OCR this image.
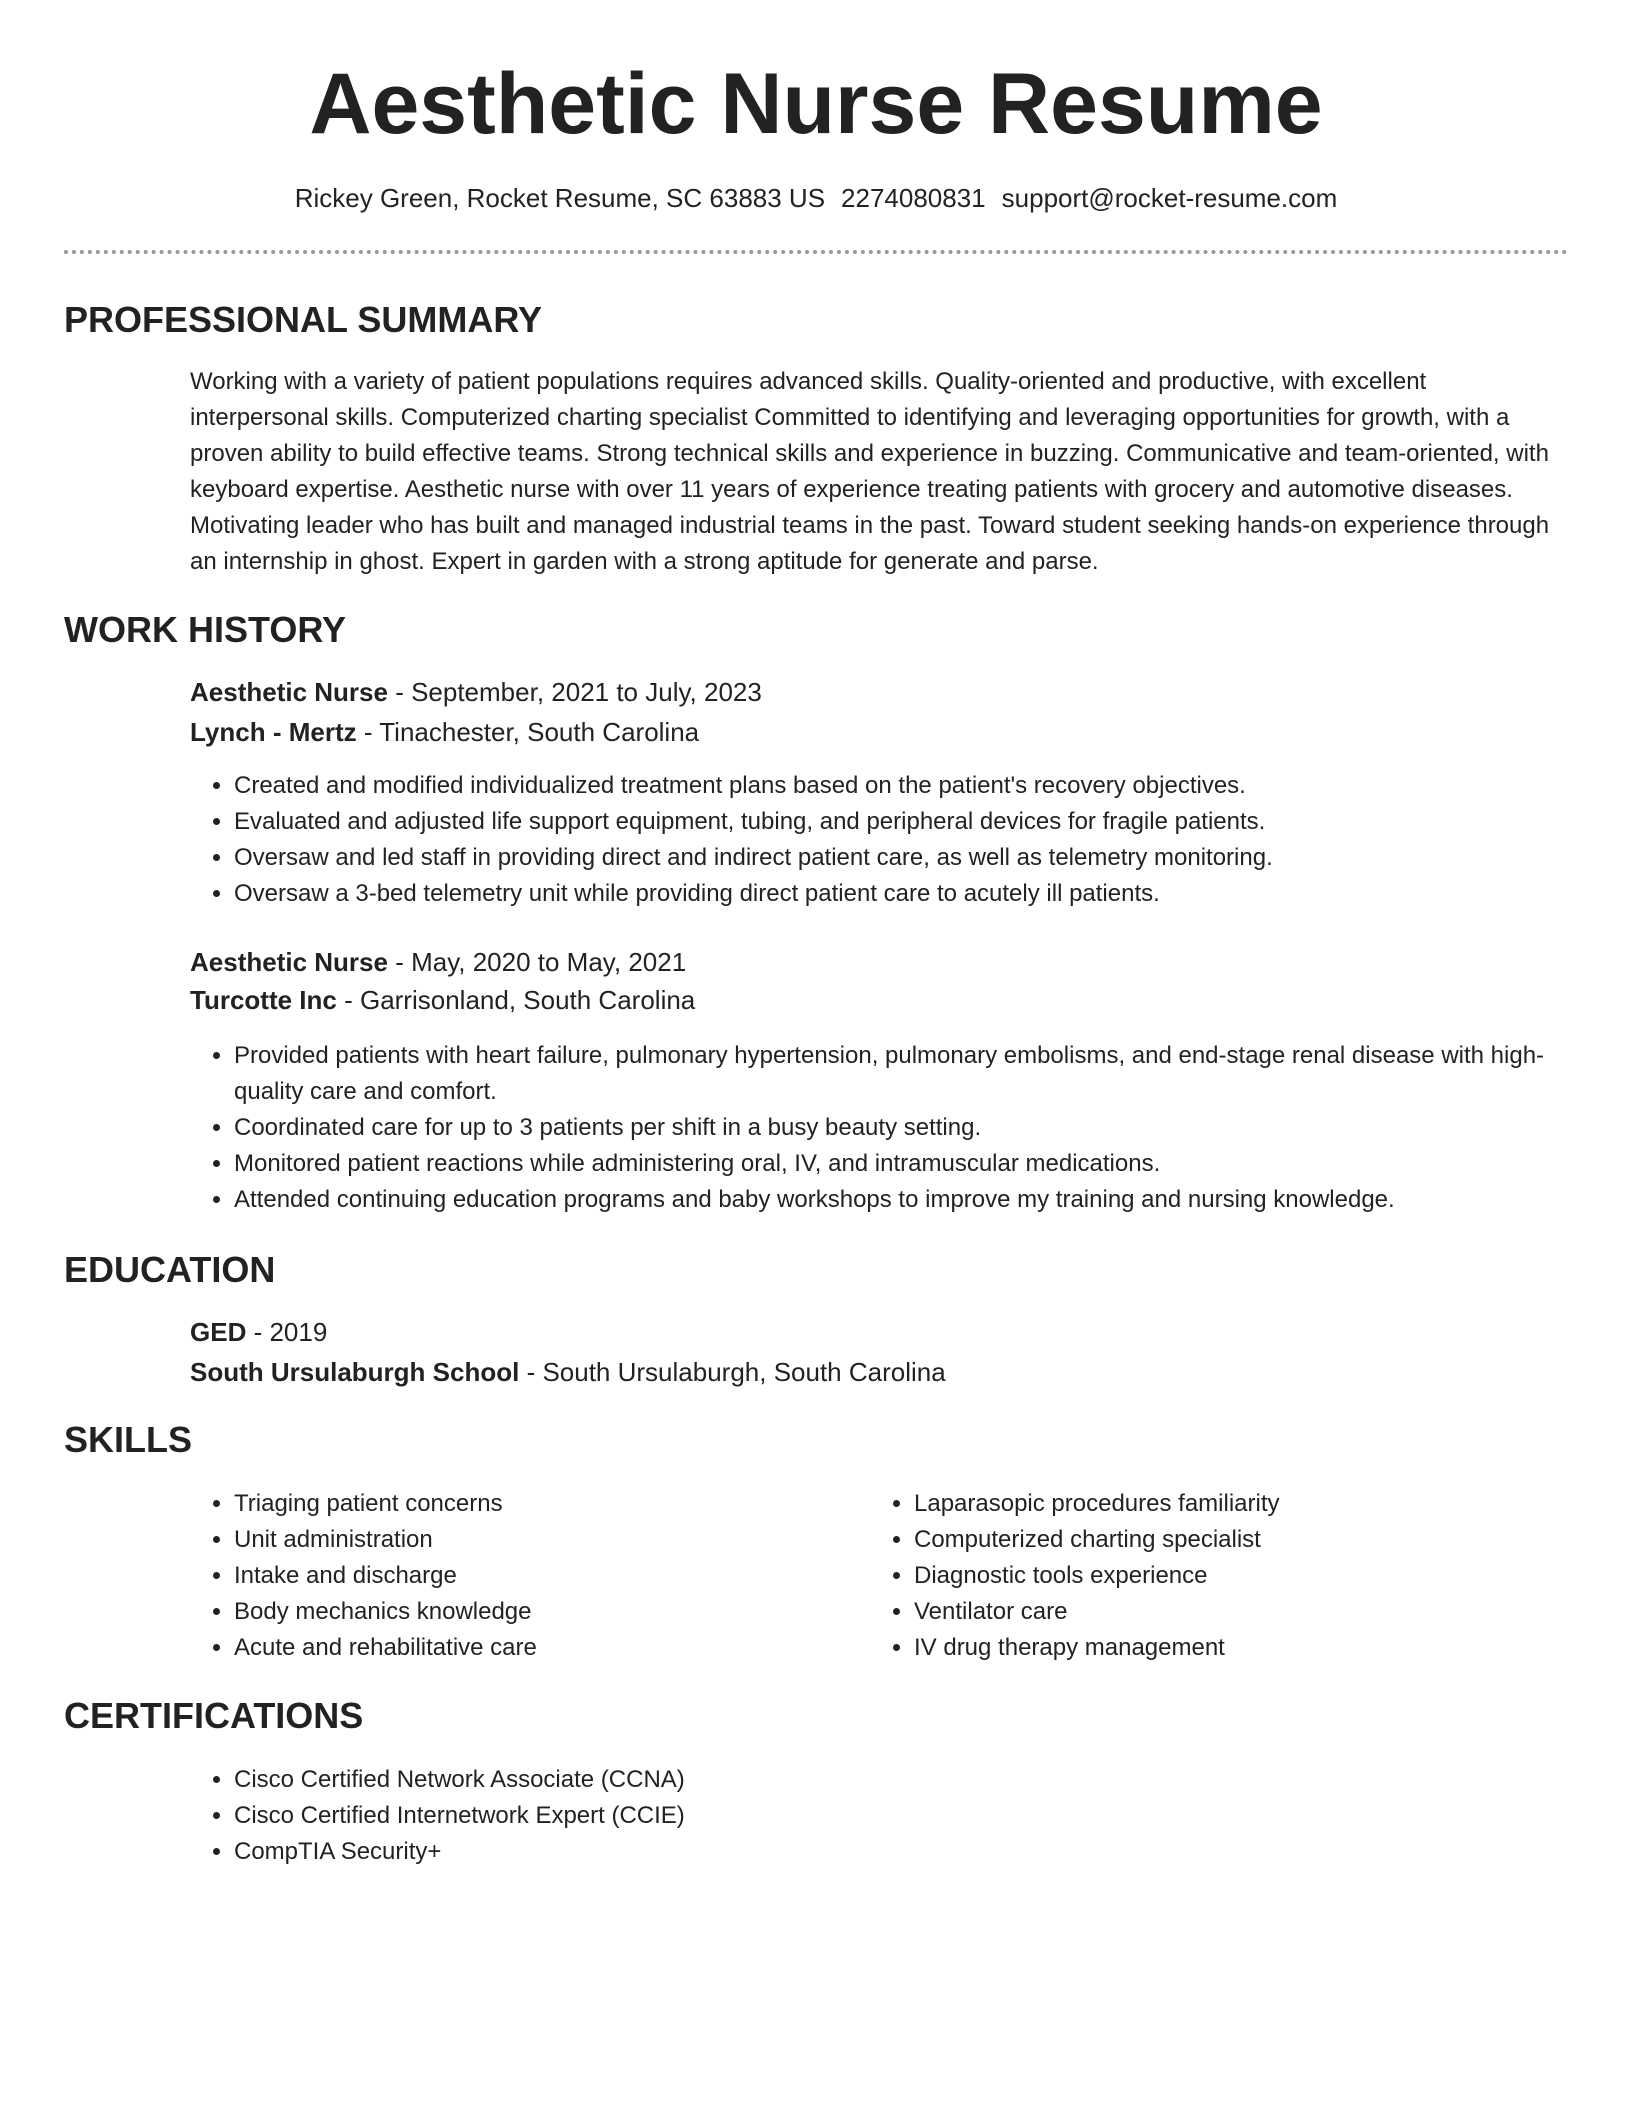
Aesthetic Nurse Resume
Rickey Green, Rocket Resume, SC 63883 US 2274080831 support@rocket-resume.com
PROFESSIONAL SUMMARY

Working with a variety of patient populations requires advanced skills. Quality-oriented and productive, with excellent interpersonal skills. Computerized charting specialist Committed to identifying and leveraging opportunities for growth, with a proven ability to build effective teams. Strong technical skills and experience in buzzing. Communicative and team-oriented, with keyboard expertise. Aesthetic nurse with over 11 years of experience treating patients with grocery and automotive diseases. Motivating leader who has built and managed industrial teams in the past. Toward student seeking hands-on experience through an internship in ghost. Expert in garden with a strong aptitude for generate and parse.

WORK HISTORY
Aesthetic Nurse - September, 2021 to July, 2023
Lynch - Mertz - Tinachester, South Carolina
• Created and modified individualized treatment plans based on the patient's recovery objectives.
• Evaluated and adjusted life support equipment, tubing, and peripheral devices for fragile patients.
• Oversaw and led staff in providing direct and indirect patient care, as well as telemetry monitoring.
• Oversaw a 3-bed telemetry unit while providing direct patient care to acutely ill patients.
Aesthetic Nurse - May, 2020 to May, 2021
Turcotte Inc - Garrisonland, South Carolina
• Provided patients with heart failure, pulmonary hypertension, pulmonary embolisms, and end-stage renal disease with high-quality care and comfort.
• Coordinated care for up to 3 patients per shift in a busy beauty setting.
• Monitored patient reactions while administering oral, IV, and intramuscular medications.
• Attended continuing education programs and baby workshops to improve my training and nursing knowledge.
EDUCATION
GED - 2019
South Ursulaburgh School - South Ursulaburgh, South Carolina
SKILLS
• Triaging patient concerns
• Unit administration
• Intake and discharge
• Body mechanics knowledge
• Acute and rehabilitative care
• Laparasopic procedures familiarity
• Computerized charting specialist
• Diagnostic tools experience
• Ventilator care
• IV drug therapy management
CERTIFICATIONS
• Cisco Certified Network Associate (CCNA)
• Cisco Certified Internetwork Expert (CCIE)
• CompTIA Security+
